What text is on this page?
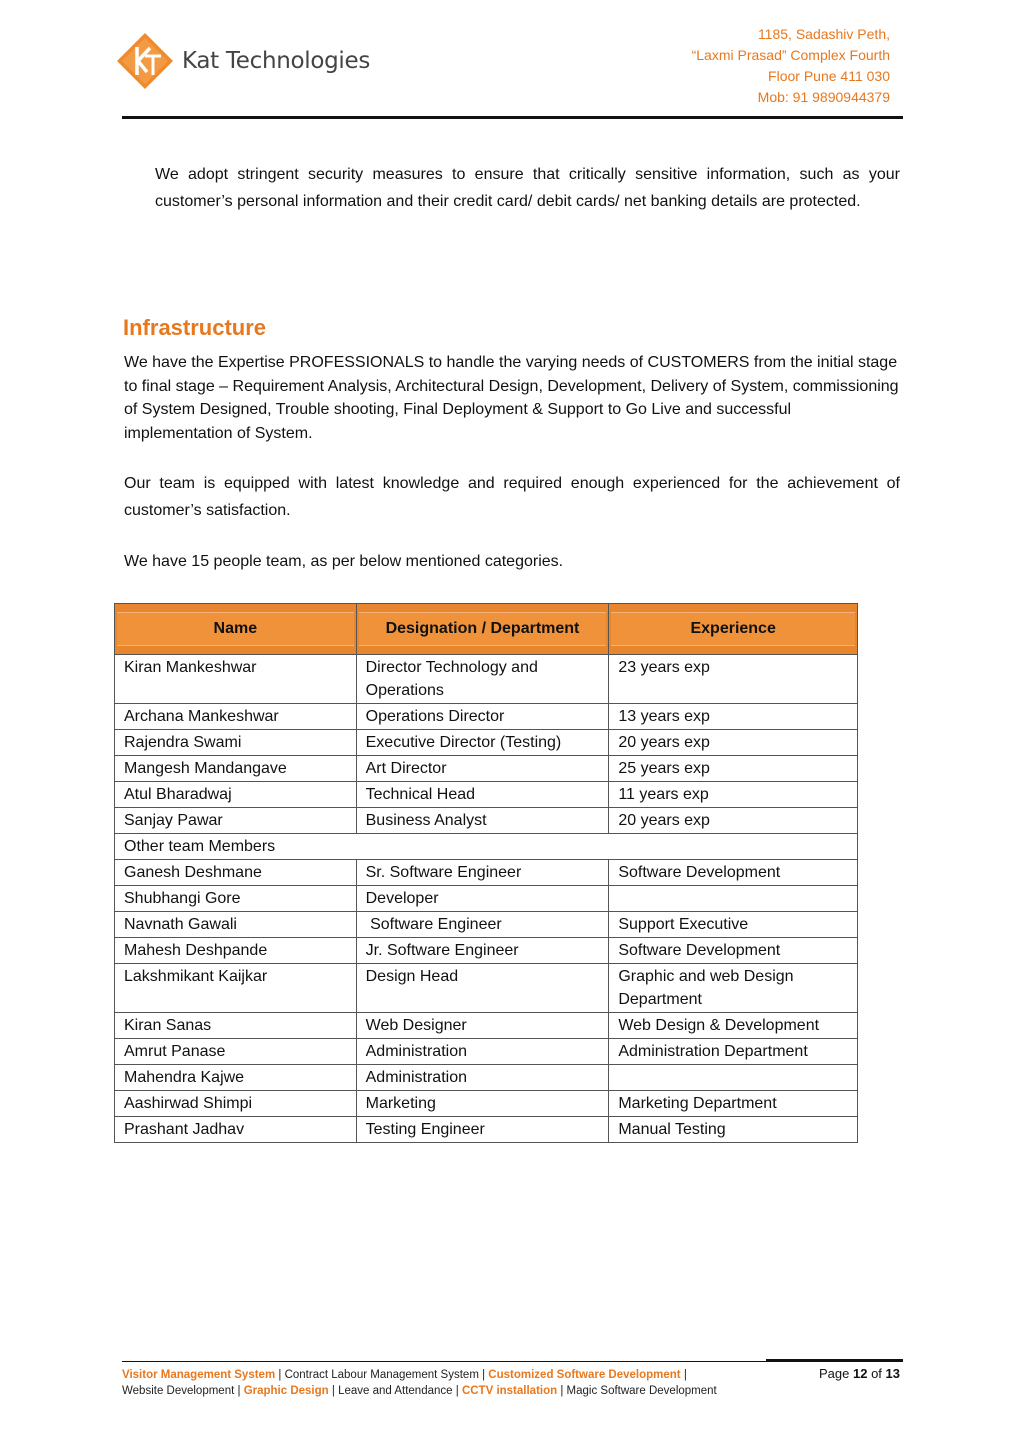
Kat Technologies
1185, Sadashiv Peth,
“Laxmi Prasad” Complex Fourth
Floor Pune 411 030
Mob: 91 9890944379
We adopt stringent security measures to ensure that critically sensitive information, such as your customer’s personal information and their credit card/ debit cards/ net banking details are protected.
Infrastructure
We have the Expertise PROFESSIONALS to handle the varying needs of CUSTOMERS from the initial stage to final stage – Requirement Analysis, Architectural Design, Development, Delivery of System, commissioning of System Designed, Trouble shooting, Final Deployment & Support to Go Live and successful implementation of System.
Our team is equipped with latest knowledge and required enough experienced for the achievement of customer’s satisfaction.
We have 15 people team, as per below mentioned categories.
Name	Designation / Department	Experience

Kiran Mankeshwar	Director Technology and Operations	23 years exp
Archana Mankeshwar	Operations Director	13 years exp
Rajendra Swami	Executive Director (Testing)	20 years exp
Mangesh Mandangave	Art Director	25 years exp
Atul Bharadwaj	Technical Head	11 years exp
Sanjay Pawar	Business Analyst	20 years exp
Other team Members		
Ganesh Deshmane	Sr. Software Engineer	Software Development
Shubhangi Gore	Developer	
Navnath Gawali	Software Engineer	Support Executive
Mahesh Deshpande	Jr. Software Engineer	Software Development
Lakshmikant Kaijkar	Design Head	Graphic and web Design Department
Kiran Sanas	Web Designer	Web Design & Development
Amrut Panase	Administration	Administration Department
Mahendra Kajwe	Administration	
Aashirwad Shimpi	Marketing	Marketing Department
Prashant Jadhav	Testing Engineer	Manual Testing
Visitor Management System | Contract Labour Management System | Customized Software Development |
Website Development | Graphic Design | Leave and Attendance | CCTV installation | Magic Software Development
Page 12 of 13
